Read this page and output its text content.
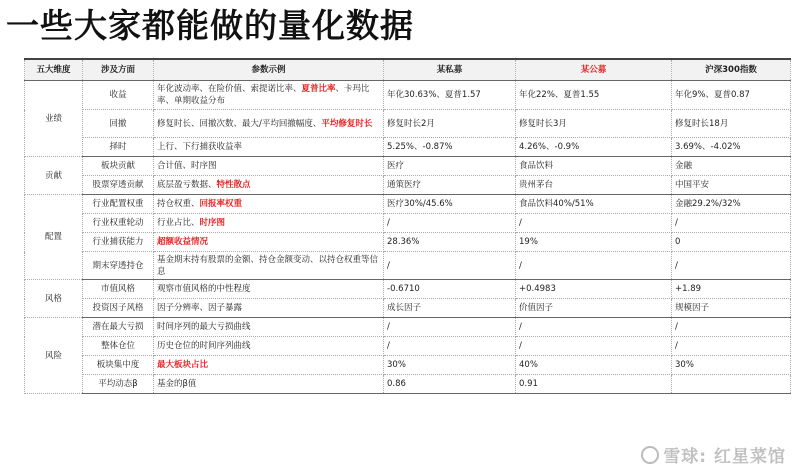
一些大家都能做的量化数据
五大维度	涉及方面	参数示例	某私募	某公募	沪深300指数
业绩	收益	年化波动率、在险价值、索提诺比率、夏普比率、卡玛比率、单期收益分布	年化30.63%、夏普1.57	年化22%、夏普1.55	年化9%、夏普0.87
	回撤	修复时长、回撤次数、最大/平均回撤幅度、平均修复时长	修复时长2月	修复时长3月	修复时长18月
	择时	上行、下行捕获收益率	5.25%、-0.87%	4.26%、-0.9%	3.69%、-4.02%
贡献	板块贡献	合计值、时序图	医疗	食品饮料	金融
	股票穿透贡献	底层盈亏数据、特性散点	通策医疗	贵州茅台	中国平安
配置	行业配置权重	持仓权重、回报率权重	医疗30%/45.6%	食品饮料40%/51%	金融29.2%/32%
	行业权重轮动	行业占比、时序图	/	/	/
	行业捕获能力	超额收益情况	28.36%	19%	0
	期末穿透持仓	基金期末持有股票的金额、持仓金额变动、以持仓权重等信息	/	/	/
风格	市值风格	观察市值风格的中性程度	-0.6710	+0.4983	+1.89
	投资因子风格	因子分辨率、因子暴露	成长因子	价值因子	规模因子
风险	潜在最大亏损	时间序列的最大亏损曲线	/	/	/
	整体仓位	历史仓位的时间序列曲线	/	/	/
	板块集中度	最大板块占比	30%	40%	30%
	平均动态β	基金的β值	0.86	0.91	
雪球: 红星菜馆
